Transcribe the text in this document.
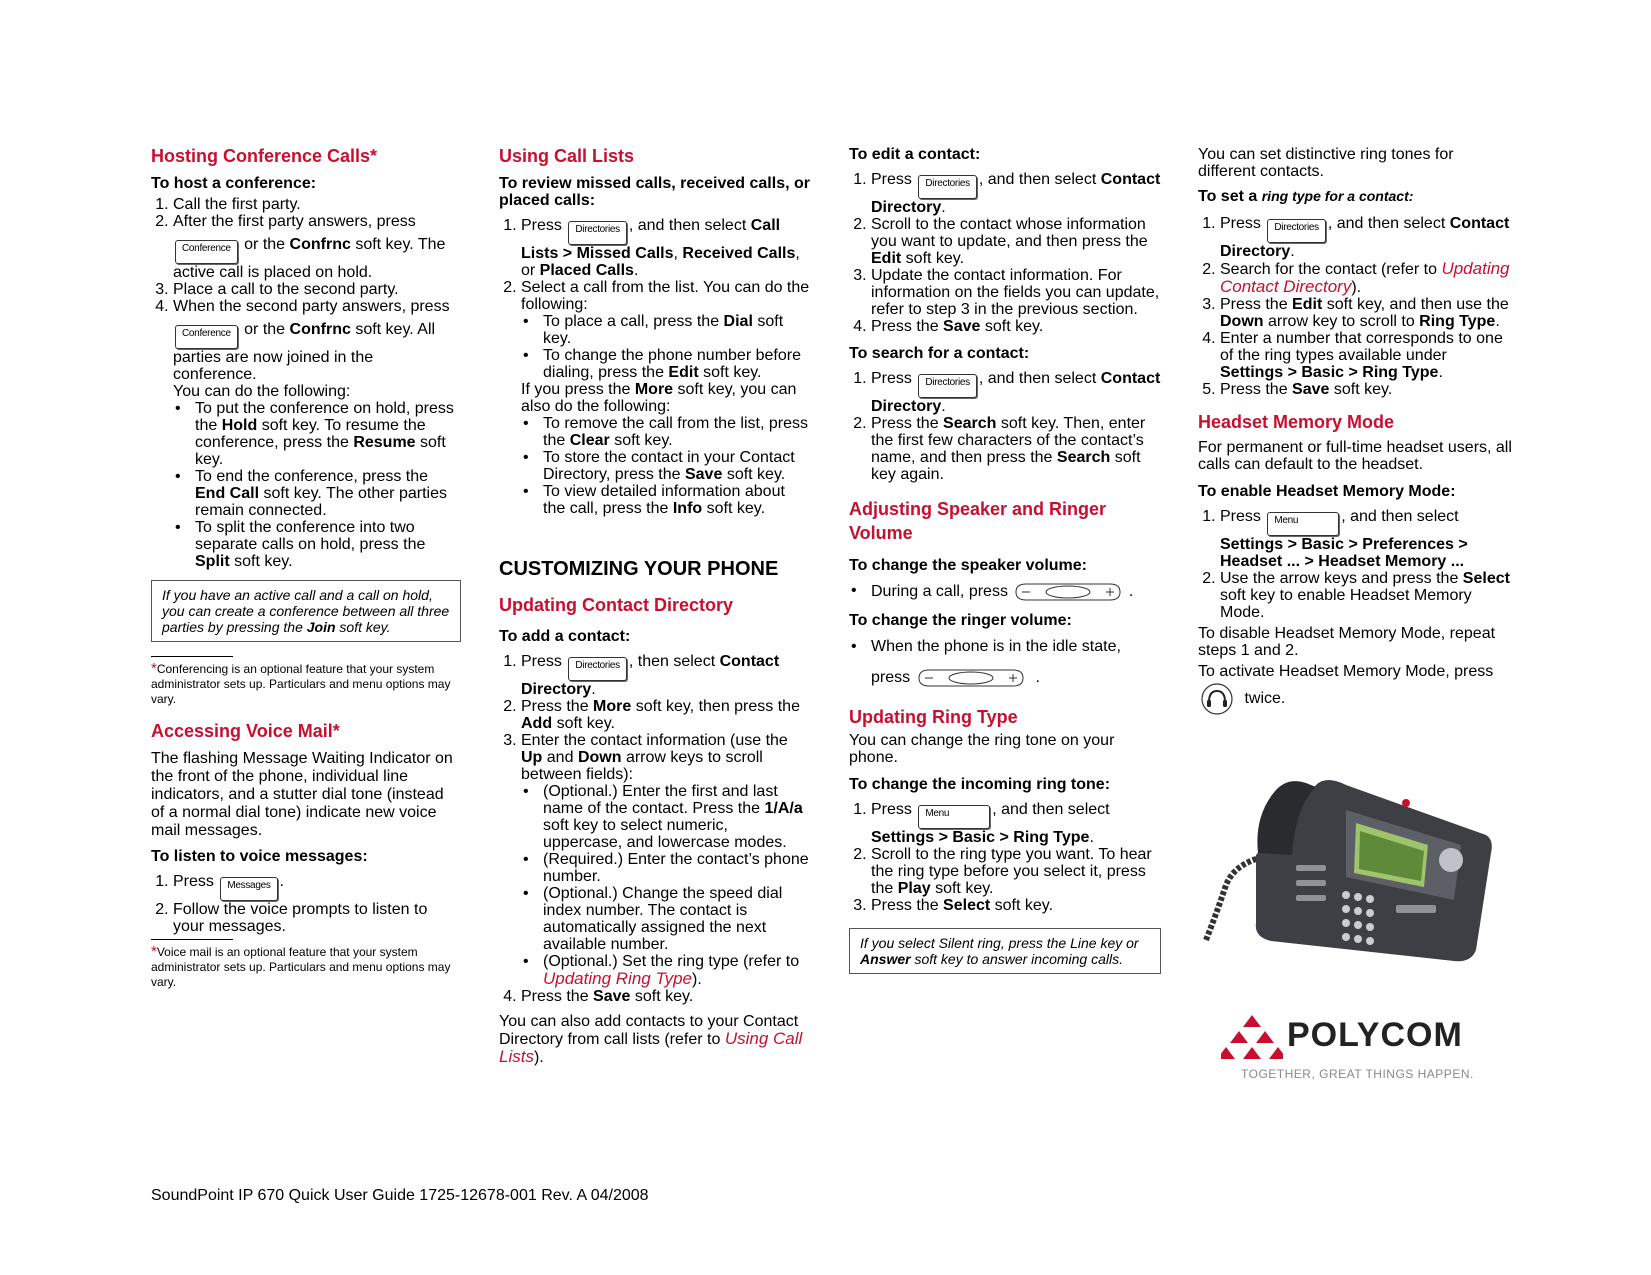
Hosting Conference Calls*
To host a conference:
1. Call the first party.
2. After the first party answers, press
Conference or the Confrnc soft key. The active call is placed on hold.
3. Place a call to the second party.
4. When the second party answers, press
Conference or the Confrnc soft key. All parties are now joined in the conference.
You can do the following:
• To put the conference on hold, press the Hold soft key. To resume the conference, press the Resume soft key.
• To end the conference, press the End Call soft key. The other parties remain connected.
• To split the conference into two separate calls on hold, press the Split soft key.
If you have an active call and a call on hold, you can create a conference between all three parties by pressing the Join soft key.
*Conferencing is an optional feature that your system administrator sets up. Particulars and menu options may vary.
Accessing Voice Mail*

The flashing Message Waiting Indicator on the front of the phone, individual line indicators, and a stutter dial tone (instead of a normal dial tone) indicate new voice mail messages.

To listen to voice messages:
1. Press Messages .
2. Follow the voice prompts to listen to your messages.
*Voice mail is an optional feature that your system administrator sets up. Particulars and menu options may vary.
Using Call Lists
To review missed calls, received calls, or placed calls:
1. Press Directories , and then select Call Lists > Missed Calls, Received Calls, or Placed Calls.
2. Select a call from the list. You can do the following:
• To place a call, press the Dial soft key.
• To change the phone number before dialing, press the Edit soft key.
If you press the More soft key, you can also do the following:
• To remove the call from the list, press the Clear soft key.
• To store the contact in your Contact Directory, press the Save soft key.
• To view detailed information about the call, press the Info soft key.
CUSTOMIZING YOUR PHONE
Updating Contact Directory
To add a contact:
1. Press Directories , then select Contact Directory.
2. Press the More soft key, then press the Add soft key.
3. Enter the contact information (use the Up and Down arrow keys to scroll between fields):
• (Optional.) Enter the first and last name of the contact. Press the 1/A/a soft key to select numeric, uppercase, and lowercase modes.
• (Required.) Enter the contact’s phone number.
• (Optional.) Change the speed dial index number. The contact is automatically assigned the next available number.
• (Optional.) Set the ring type (refer to Updating Ring Type).
4. Press the Save soft key.

You can also add contacts to your Contact Directory from call lists (refer to Using Call Lists).

To edit a contact:
1. Press Directories , and then select Contact Directory.
2. Scroll to the contact whose information you want to update, and then press the Edit soft key.
3. Update the contact information. For information on the fields you can update, refer to step 3 in the previous section.
4. Press the Save soft key.
To search for a contact:
1. Press Directories , and then select Contact Directory.
2. Press the Search soft key. Then, enter the first few characters of the contact’s name, and then press the Search soft key again.
Adjusting Speaker and Ringer Volume
To change the speaker volume:
• During a call, press	.
To change the ringer volume:
• When the phone is in the idle state, press	.
Updating Ring Type

You can change the ring tone on your phone.

To change the incoming ring tone:
1. Press Menu	, and then select Settings > Basic > Ring Type.
2. Scroll to the ring type you want. To hear the ring type before you select it, press the Play soft key.
3. Press the Select soft key.
If you select Silent ring, press the Line key or Answer soft key to answer incoming calls.

You can set distinctive ring tones for different contacts.

To set a ring type for a contact:
1. Press Directories , and then select Contact Directory.
2. Search for the contact (refer to Updating Contact Directory).
3. Press the Edit soft key, and then use the Down arrow key to scroll to Ring Type.
4. Enter a number that corresponds to one of the ring types available under Settings > Basic > Ring Type.
5. Press the Save soft key.
Headset Memory Mode

For permanent or full-time headset users, all calls can default to the headset.

To enable Headset Memory Mode:
1. Press Menu	, and then select Settings > Basic > Preferences > Headset ... > Headset Memory ...
2. Use the arrow keys and press the Select soft key to enable Headset Memory Mode.

To disable Headset Memory Mode, repeat steps 1 and 2.

To activate Headset Memory Mode, press

twice.
POLYCOM
TOGETHER, GREAT THINGS HAPPEN.
SoundPoint IP 670 Quick User Guide 1725-12678-001 Rev. A 04/2008
